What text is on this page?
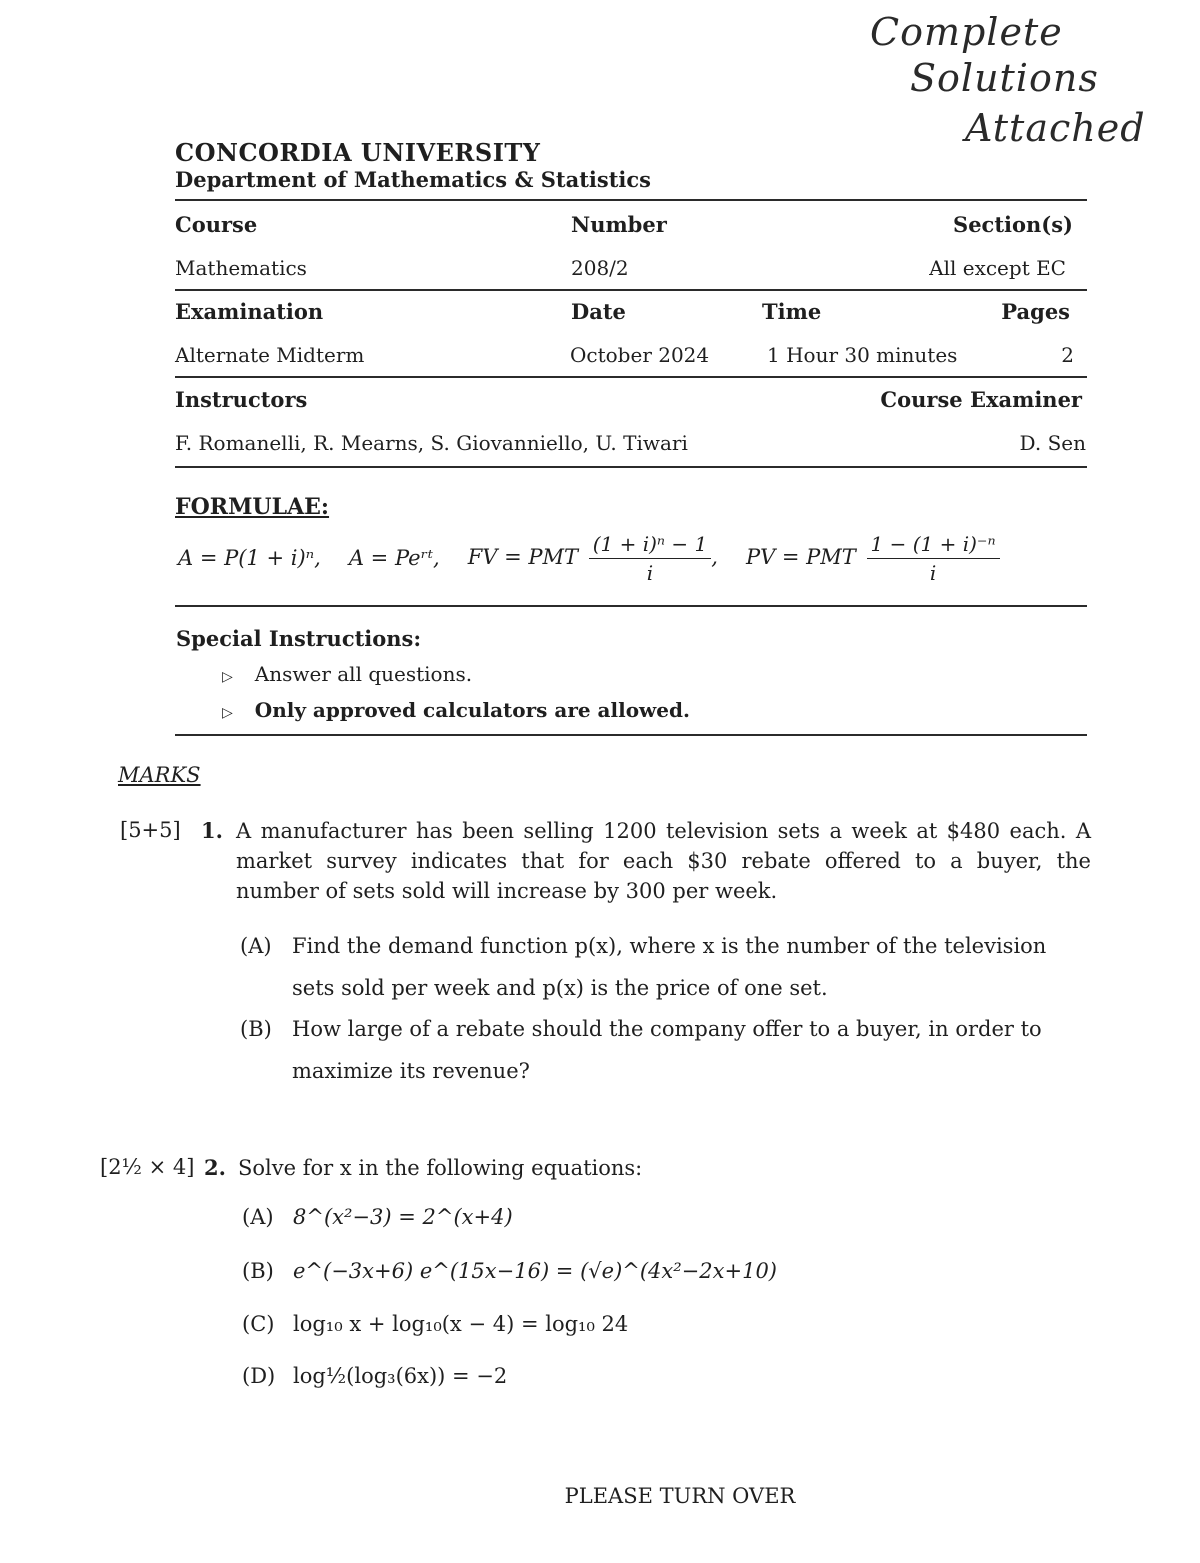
Complete
Solutions
Attached
CONCORDIA UNIVERSITY
Department of Mathematics & Statistics
Course	Number	Section(s)
Mathematics	208/2	All except EC
Examination	Date	Time	Pages
Alternate Midterm	October 2024	1 Hour 30 minutes	2
Instructors	Course Examiner
F. Romanelli, R. Mearns, S. Giovanniello, U. Tiwari	D. Sen
FORMULAE:
A = P(1 + i)ⁿ, A = Peʳᵗ, FV = PMT $\frac{\text{(1 + i)ⁿ − 1}}{i}$ , PV = PMT $\frac{\text{1 − (1 + i)⁻ⁿ}}{i}$
Special Instructions:
▷ Answer all questions.
▷ Only approved calculators are allowed.
MARKS
[5+5] 1. A manufacturer has been selling 1200 television sets a week at $480 each. A market survey indicates that for each $30 rebate offered to a buyer, the number of sets sold will increase by 300 per week.
(A) Find the demand function p(x), where x is the number of the television sets sold per week and p(x) is the price of one set.
(B) How large of a rebate should the company offer to a buyer, in order to maximize its revenue?
[2½ × 4] 2. Solve for x in the following equations:
(A) 8^(x²−3) = 2^(x+4)
(B) e^(−3x+6) e^(15x−16) = (√e)^(4x²−2x+10)
(C) log₁₀ x + log₁₀(x − 4) = log₁₀ 24
(D) log½(log₃(6x)) = −2
PLEASE TURN OVER
